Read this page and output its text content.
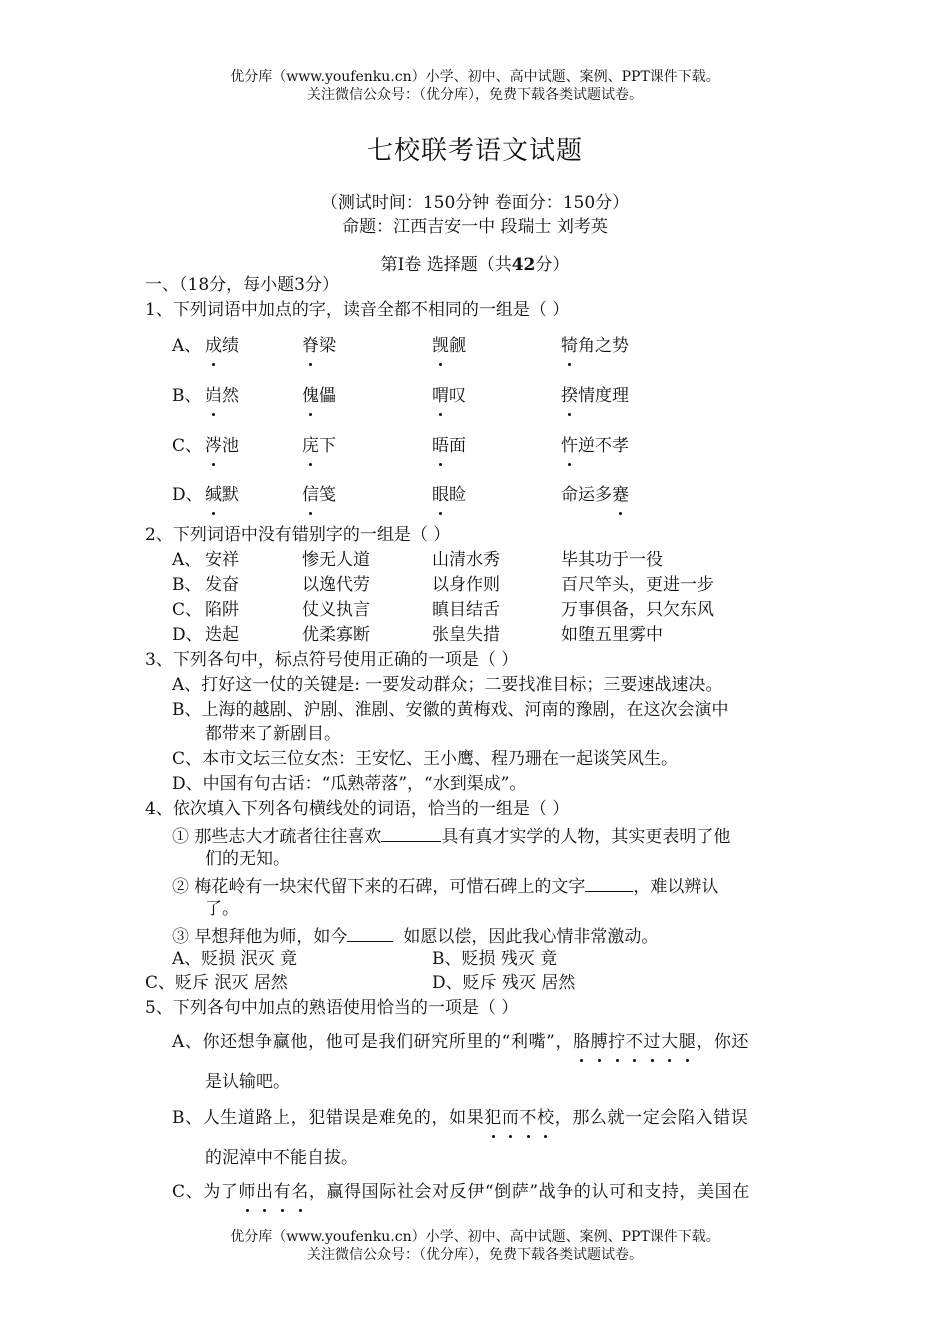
优分库（www.youfenku.cn）小学、初中、高中试题、案例、PPT课件下载。
关注微信公众号：（优分库），免费下载各类试题试卷。
七校联考语文试题
（测试时间：150分钟 卷面分：150分）
命题：江西吉安一中 段瑞士 刘考英
第Ⅰ卷 选择题（共42分）
一、（18分，每小题3分）
1、下列词语中加点的字，读音全都不相同的一组是（ ）
A、 成绩	脊梁	觊觎	犄角之势
B、 岿然	傀儡	喟叹	揆情度理
C、 涔池	庑下	晤面	忤逆不孝
D、 缄默	信笺	眼睑	命运多蹇
2、下列词语中没有错别字的一组是（ ）
A、 安祥	惨无人道	山清水秀	毕其功于一役
B、 发奋	以逸代劳	以身作则	百尺竿头，更进一步
C、 陷阱	仗义执言	瞋目结舌	万事俱备，只欠东风
D、 迭起	优柔寡断	张皇失措	如堕五里雾中
3、下列各句中，标点符号使用正确的一项是（ ）
A、打好这一仗的关键是: 一要发动群众；二要找准目标；三要速战速决。
B、上海的越剧、沪剧、淮剧、安徽的黄梅戏、河南的豫剧，在这次会演中
都带来了新剧目。
C、本市文坛三位女杰：王安忆、王小鹰、程乃珊在一起谈笑风生。
D、中国有句古话：“瓜熟蒂落”，“水到渠成”。
4、依次填入下列各句横线处的词语，恰当的一组是（ ）
① 那些志大才疏者往往喜欢	具有真才实学的人物，其实更表明了他
们的无知。
② 梅花岭有一块宋代留下来的石碑，可惜石碑上的文字	，难以辨认
了。
③ 早想拜他为师，如今	如愿以偿，因此我心情非常激动。
A、贬损 泯灭 竟	B、贬损 残灭 竟
C、贬斥 泯灭 居然	D、贬斥 残灭 居然
5、下列各句中加点的熟语使用恰当的一项是（ ）
A、你还想争赢他，他可是我们研究所里的“利嘴”，胳膊拧不过大腿，你还
是认输吧。
B、人生道路上，犯错误是难免的，如果犯而不校，那么就一定会陷入错误
的泥淖中不能自拔。
C、为了师出有名，赢得国际社会对反伊“倒萨”战争的认可和支持，美国在
优分库（www.youfenku.cn）小学、初中、高中试题、案例、PPT课件下载。
关注微信公众号：（优分库），免费下载各类试题试卷。
